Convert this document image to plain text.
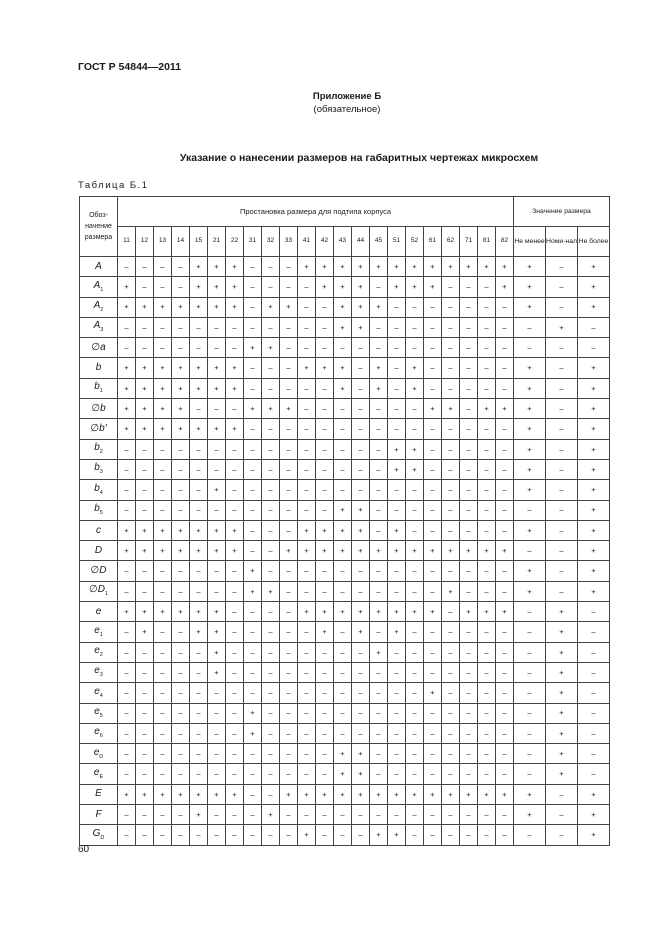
ГОСТ Р 54844—2011
Приложение Б
(обязательное)
Указание о нанесении размеров на габаритных чертежах микросхем
Таблица Б.1
Обоз-начение размера	Простановка размера для подтипа корпуса																						Значение размера		
	11	12	13	14	15	21	22	31	32	33	41	42	43	44	45	51	52	61	62	71	81	82	Не менее	Номи-нал	Не более
A	–	–	–	–	+	+	+	–	–	–	+	+	+	+	+	+	+	+	+	+	+	+	+	–	+
$A_1$	+	–	–	–	+	+	+	–	–	–	–	+	+	+	–	+	+	+	–	–	–	+	+	–	+
$A_2$	+	+	+	+	+	+	+	–	+	+	–	–	+	+	+	–	–	–	–	–	–	–	+	–	+
$A_3$	–	–	–	–	–	–	–	–	–	–	–	–	+	+	–	–	–	–	–	–	–	–	–	+	–
∅a	–	–	–	–	–	–	–	+	+	–	–	–	–	–	–	–	–	–	–	–	–	–	–	–	–
b	+	+	+	+	+	+	+	–	–	–	+	+	+	–	+	–	+	–	–	–	–	–	+	–	+
$b_1$	+	+	+	+	+	+	+	–	–	–	–	–	+	–	+	–	+	–	–	–	–	–	+	–	+
∅b	+	+	+	+	–	–	–	+	+	+	–	–	–	–	–	–	–	+	+	–	+	+	+	–	+
∅b′	+	+	+	+	+	+	+	–	–	–	–	–	–	–	–	–	–	–	–	–	–	–	+	–	+
$b_2$	–	–	–	–	–	–	–	–	–	–	–	–	–	–	–	+	+	–	–	–	–	–	+	–	+
$b_3$	–	–	–	–	–	–	–	–	–	–	–	–	–	–	–	+	+	–	–	–	–	–	+	–	+
$b_4$	–	–	–	–	–	+	–	–	–	–	–	–	–	–	–	–	–	–	–	–	–	–	+	–	+
$b_5$	–	–	–	–	–	–	–	–	–	–	–	–	+	+	–	–	–	–	–	–	–	–	–	–	+
c	+	+	+	+	+	+	+	–	–	–	+	+	+	+	–	+	–	–	–	–	–	–	+	–	+
D	+	+	+	+	+	+	+	–	–	+	+	+	+	+	+	+	+	+	+	+	+	+	–	–	+
∅D	–	–	–	–	–	–	–	+	–	–	–	–	–	–	–	–	–	–	–	–	–	–	+	–	+
$\emptyset D_1$	–	–	–	–	–	–	–	+	+	–	–	–	–	–	–	–	–	–	+	–	–	–	+	–	+
e	+	+	+	+	+	+	–	–	–	–	+	+	+	+	+	+	+	+	–	+	+	+	–	+	–
$e_1$	–	+	–	–	+	+	–	–	–	–	–	+	–	+	–	+	–	–	–	–	–	–	–	+	–
$e_2$	–	–	–	–	–	+	–	–	–	–	–	–	–	–	+	–	–	–	–	–	–	–	–	+	–
$e_3$	–	–	–	–	–	+	–	–	–	–	–	–	–	–	–	–	–	–	–	–	–	–	–	+	–
$e_4$	–	–	–	–	–	–	–	–	–	–	–	–	–	–	–	–	–	+	–	–	–	–	–	+	–
$e_5$	–	–	–	–	–	–	–	+	–	–	–	–	–	–	–	–	–	–	–	–	–	–	–	+	–
$e_6$	–	–	–	–	–	–	–	+	–	–	–	–	–	–	–	–	–	–	–	–	–	–	–	+	–
$e_D$	–	–	–	–	–	–	–	–	–	–	–	–	+	+	–	–	–	–	–	–	–	–	–	+	–
$e_E$	–	–	–	–	–	–	–	–	–	–	–	–	+	+	–	–	–	–	–	–	–	–	–	+	–
E	+	+	+	+	+	+	+	–	–	+	+	+	+	+	+	+	+	+	+	+	+	+	+	–	+
F	–	–	–	–	+	–	–	–	+	–	–	–	–	–	–	–	–	–	–	–	–	–	+	–	+
$G_D$	–	–	–	–	–	–	–	–	–	–	+	–	–	–	+	+	–	–	–	–	–	–	–	–	+
60
